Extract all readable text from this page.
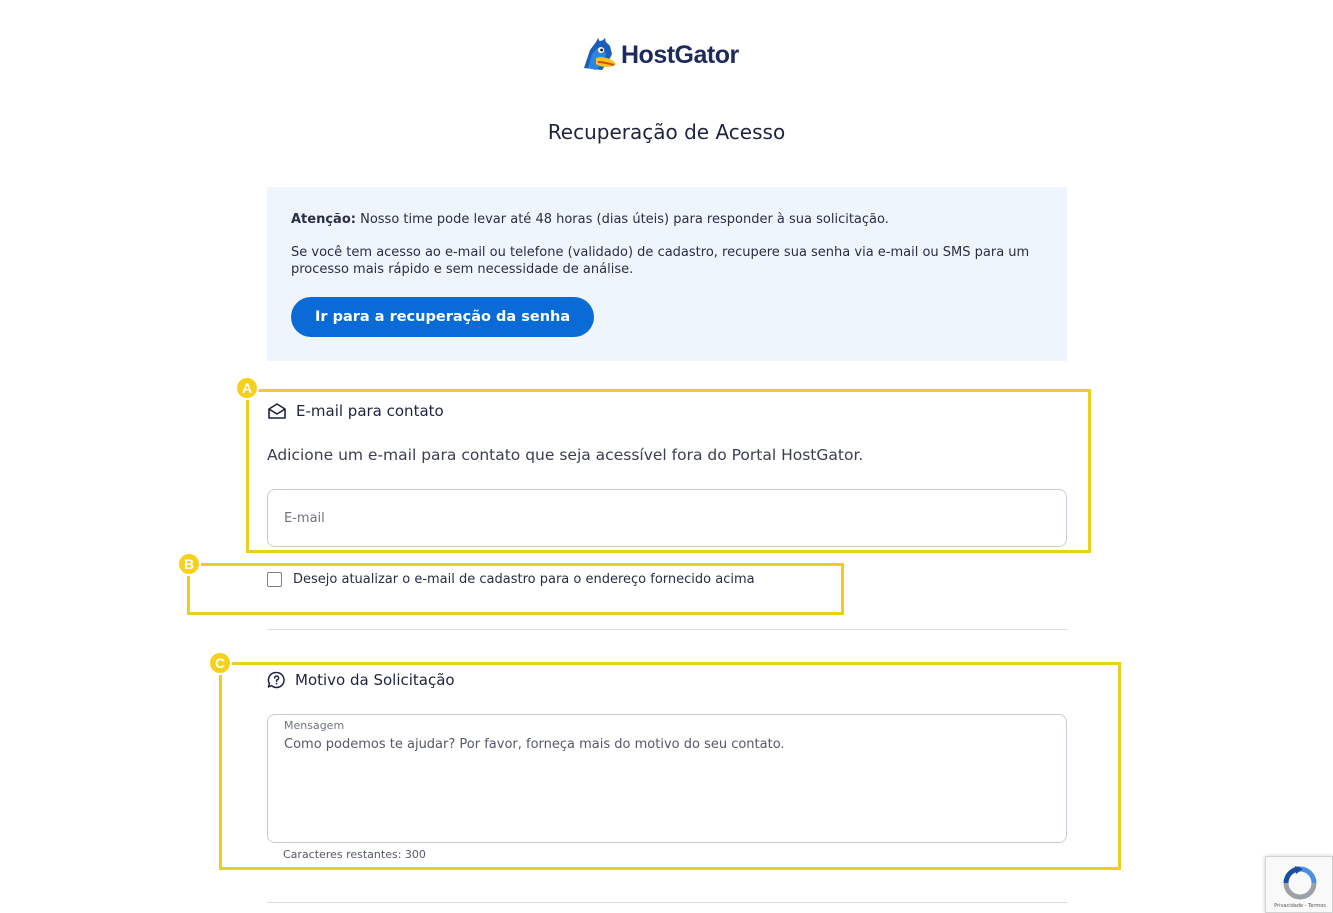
HostGator
Recuperação de Acesso

Atenção: Nosso time pode levar até 48 horas (dias úteis) para responder à sua solicitação.

Se você tem acesso ao e-mail ou telefone (validado) de cadastro, recupere sua senha via e-mail ou SMS para um processo mais rápido e sem necessidade de análise.

Ir para a recuperação da senha
A
B
C
E-mail para contato
Adicione um e-mail para contato que seja acessível fora do Portal HostGator.
E-mail
Desejo atualizar o e-mail de cadastro para o endereço fornecido acima
Motivo da Solicitação
Mensagem
Como podemos te ajudar? Por favor, forneça mais do motivo do seu contato.
Caracteres restantes: 300
Privacidade - Termos
